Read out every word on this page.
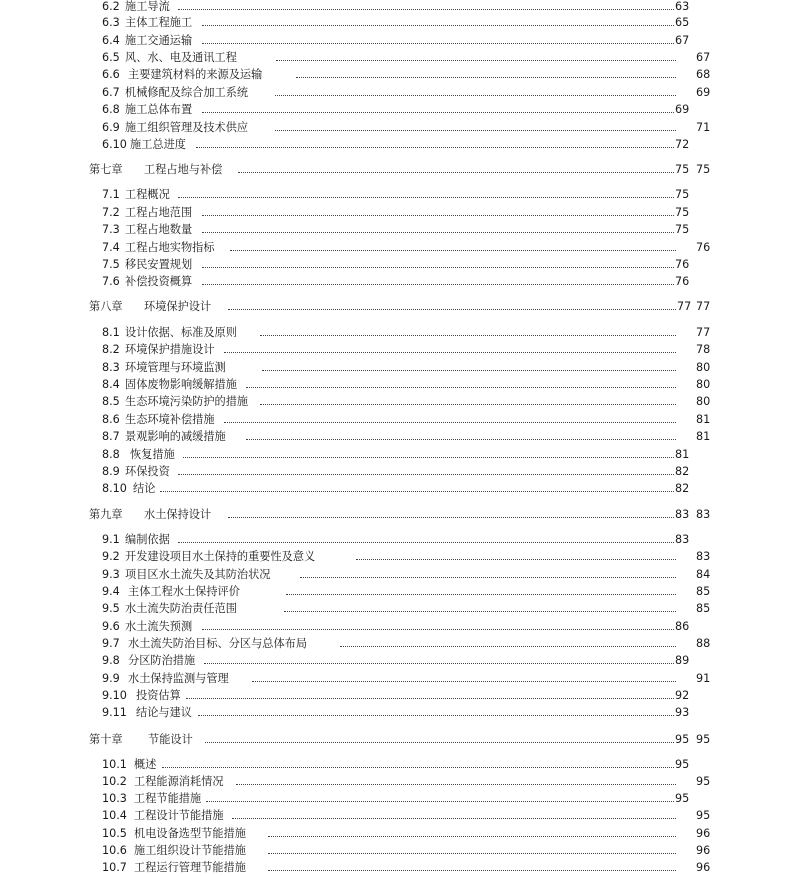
6.2 施工导流	63
6.3 主体工程施工	65
6.4 施工交通运输	67
6.5 风、水、电及通讯工程	67
6.6 主要建筑材料的来源及运输	68
6.7 机械修配及综合加工系统	69
6.8 施工总体布置	69
6.9 施工组织管理及技术供应	71
6.10 施工总进度	72
第七章 工程占地与补偿	75 75
7.1 工程概况	75
7.2 工程占地范围	75
7.3 工程占地数量	75
7.4 工程占地实物指标	76
7.5 移民安置规划	76
7.6 补偿投资概算	76
第八章 环境保护设计	77 77
8.1 设计依据、标准及原则	77
8.2 环境保护措施设计	78
8.3 环境管理与环境监测	80
8.4 固体废物影响缓解措施	80
8.5 生态环境污染防护的措施	80
8.6 生态环境补偿措施	81
8.7 景观影响的减缓措施	81
8.8 恢复措施	81
8.9 环保投资	82
8.10 结论	82
第九章 水土保持设计	83 83
9.1 编制依据	83
9.2 开发建设项目水土保持的重要性及意义	83
9.3 项目区水土流失及其防治状况	84
9.4 主体工程水土保持评价	85
9.5 水土流失防治责任范围	85
9.6 水土流失预测	86
9.7 水土流失防治目标、分区与总体布局	88
9.8 分区防治措施	89
9.9 水土保持监测与管理	91
9.10 投资估算	92
9.11 结论与建议	93
第十章 节能设计	95 95
10.1 概述	95
10.2 工程能源消耗情况	95
10.3 工程节能措施	95
10.4 工程设计节能措施	95
10.5 机电设备选型节能措施	96
10.6 施工组织设计节能措施	96
10.7 工程运行管理节能措施	96
